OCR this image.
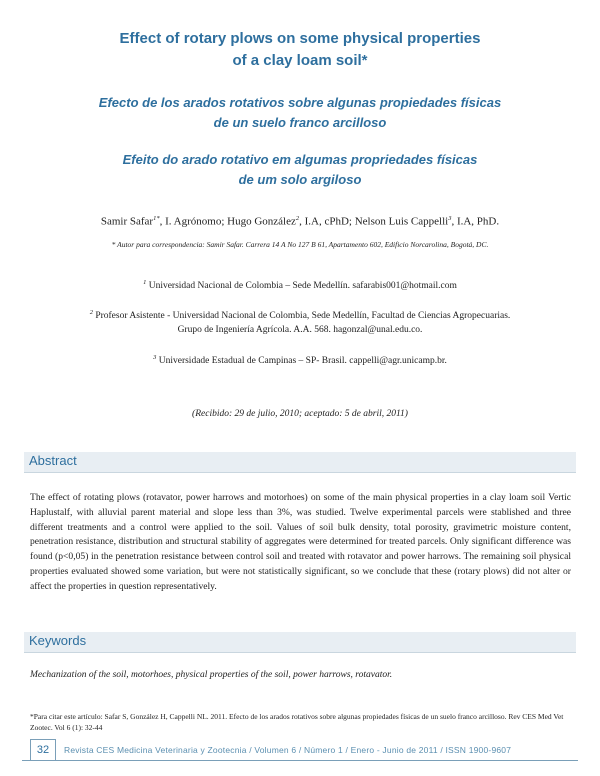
Effect of rotary plows on some physical properties
of a clay loam soil*
Efecto de los arados rotativos sobre algunas propiedades físicas
de un suelo franco arcilloso
Efeito do arado rotativo em algumas propriedades físicas
de um solo argiloso

Samir Safar$^{1*}$, I. Agrónomo; Hugo González$^2$, I.A, cPhD; Nelson Luis Cappelli$^3$, I.A, PhD.

* Autor para correspondencia: Samir Safar. Carrera 14 A No 127 B 61, Apartamento 602, Edificio Norcarolina, Bogotá, DC.

$^1$ Universidad Nacional de Colombia – Sede Medellín. safarabis001@hotmail.com

$^2$ Profesor Asistente - Universidad Nacional de Colombia, Sede Medellín, Facultad de Ciencias Agropecuarias.
Grupo de Ingeniería Agrícola. A.A. 568. hagonzal@unal.edu.co.

$^3$ Universidade Estadual de Campinas – SP- Brasil. cappelli@agr.unicamp.br.

(Recibido: 29 de julio, 2010; aceptado: 5 de abril, 2011)

Abstract

The effect of rotating plows (rotavator, power harrows and motorhoes) on some of the main physical properties in a clay loam soil Vertic Haplustalf, with alluvial parent material and slope less than 3%, was studied. Twelve experimental parcels were stablished and three different treatments and a control were applied to the soil. Values of soil bulk density, total porosity, gravimetric moisture content, penetration resistance, distribution and structural stability of aggregates were determined for treated parcels. Only significant difference was found (p<0,05) in the penetration resistance between control soil and treated with rotavator and power harrows. The remaining soil physical properties evaluated showed some variation, but were not statistically significant, so we conclude that these (rotary plows) did not alter or affect the properties in question representatively.

Keywords

Mechanization of the soil, motorhoes, physical properties of the soil, power harrows, rotavator.

*Para citar este artículo: Safar S, González H, Cappelli NL. 2011. Efecto de los arados rotativos sobre algunas propiedades físicas de un suelo franco arcilloso. Rev CES Med Vet Zootec. Vol 6 (1): 32-44

32	Revista CES Medicina Veterinaria y Zootecnia / Volumen 6 / Número 1 / Enero - Junio de 2011 / ISSN 1900-9607
